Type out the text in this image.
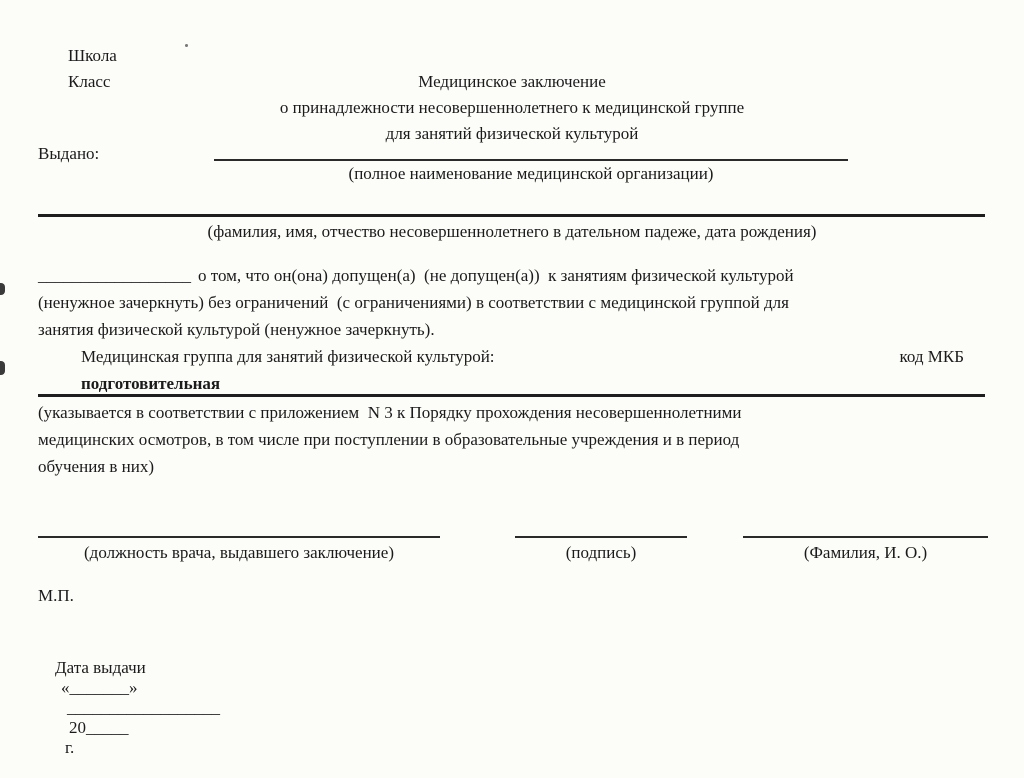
Школа
Класс	Медицинское заключение
о принадлежности несовершеннолетнего к медицинской группе
для занятий физической культурой
Выдано:
(полное наименование медицинской организации)
(фамилия, имя, отчество несовершеннолетнего в дательном падеже, дата рождения)
__________________ о том, что он(она) допущен(а)  (не допущен(а))  к занятиям физической культурой
(ненужное зачеркнуть) без ограничений  (с ограничениями) в соответствии с медицинской группой для
занятия физической культурой (ненужное зачеркнуть).
Медицинская группа для занятий физической культурой:	код МКБ
подготовительная
(указывается в соответствии с приложением  N 3 к Порядку прохождения несовершеннолетними
медицинских осмотров, в том числе при поступлении в образовательные учреждения и в период
обучения в них)
(должность врача, выдавшего заключение)	(подпись)	(Фамилия, И. О.)
М.П.

Дата выдачи
«_______»
__________________
20_____
г.
